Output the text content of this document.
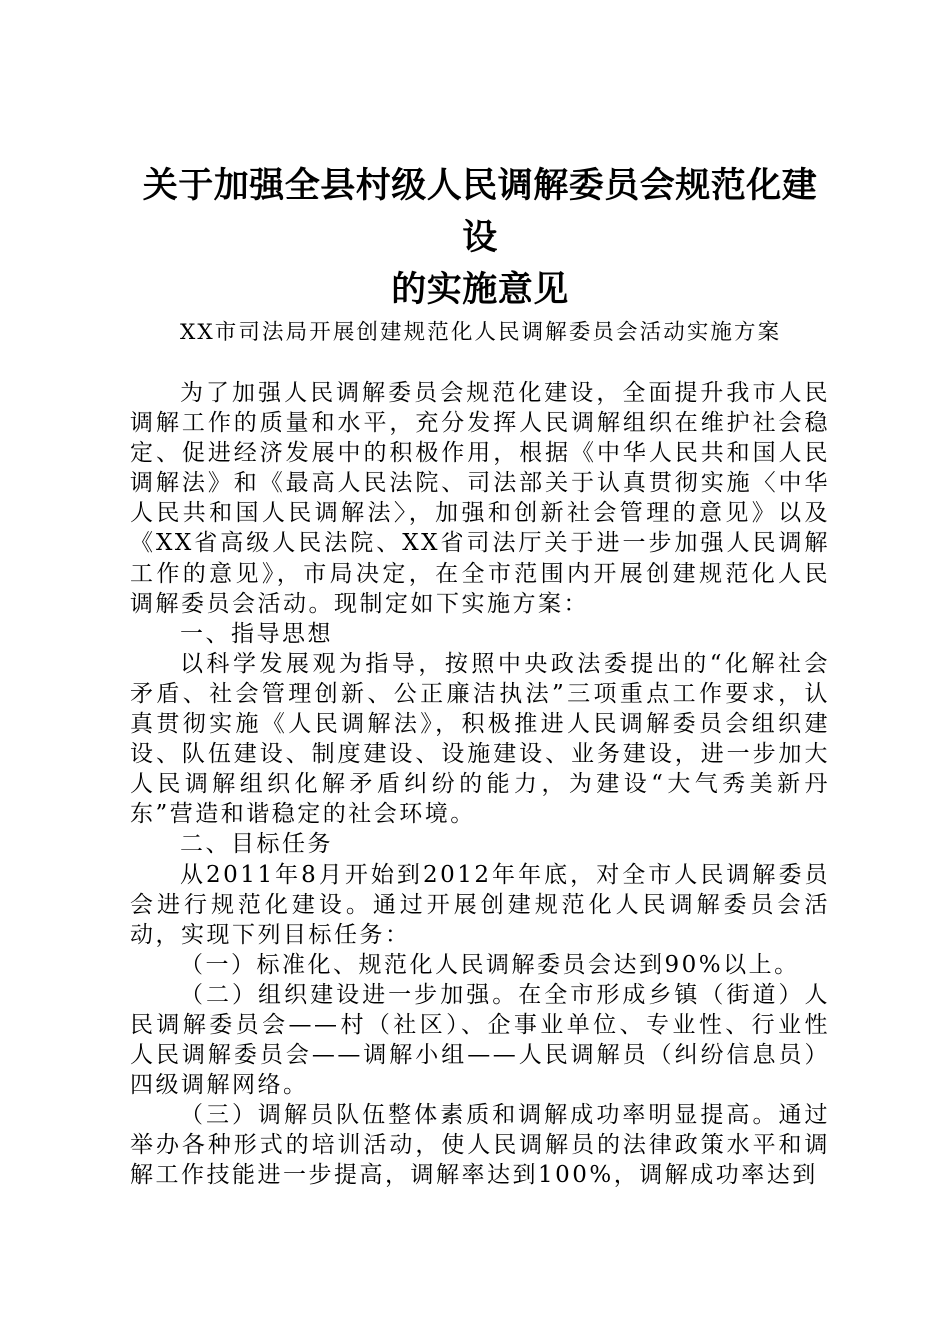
关于加强全县村级人民调解委员会规范化建设
的实施意见

XX市司法局开展创建规范化人民调解委员会活动实施方案

为了加强人民调解委员会规范化建设，全面提升我市人民调解工作的质量和水平，充分发挥人民调解组织在维护社会稳定、促进经济发展中的积极作用，根据《中华人民共和国人民调解法》和《最高人民法院、司法部关于认真贯彻实施〈中华人民共和国人民调解法〉，加强和创新社会管理的意见》以及《XX省高级人民法院、XX省司法厅关于进一步加强人民调解工作的意见》，市局决定，在全市范围内开展创建规范化人民调解委员会活动。现制定如下实施方案：

一、指导思想

以科学发展观为指导，按照中央政法委提出的“化解社会矛盾、社会管理创新、公正廉洁执法”三项重点工作要求，认真贯彻实施《人民调解法》，积极推进人民调解委员会组织建设、队伍建设、制度建设、设施建设、业务建设，进一步加大人民调解组织化解矛盾纠纷的能力，为建设“大气秀美新丹东”营造和谐稳定的社会环境。

二、目标任务

从2011年8月开始到2012年年底，对全市人民调解委员会进行规范化建设。通过开展创建规范化人民调解委员会活动，实现下列目标任务：

（一）标准化、规范化人民调解委员会达到90%以上。

（二）组织建设进一步加强。在全市形成乡镇（街道）人民调解委员会——村（社区）、企事业单位、专业性、行业性人民调解委员会——调解小组——人民调解员（纠纷信息员）四级调解网络。

（三）调解员队伍整体素质和调解成功率明显提高。通过举办各种形式的培训活动，使人民调解员的法律政策水平和调解工作技能进一步提高，调解率达到100%，调解成功率达到
